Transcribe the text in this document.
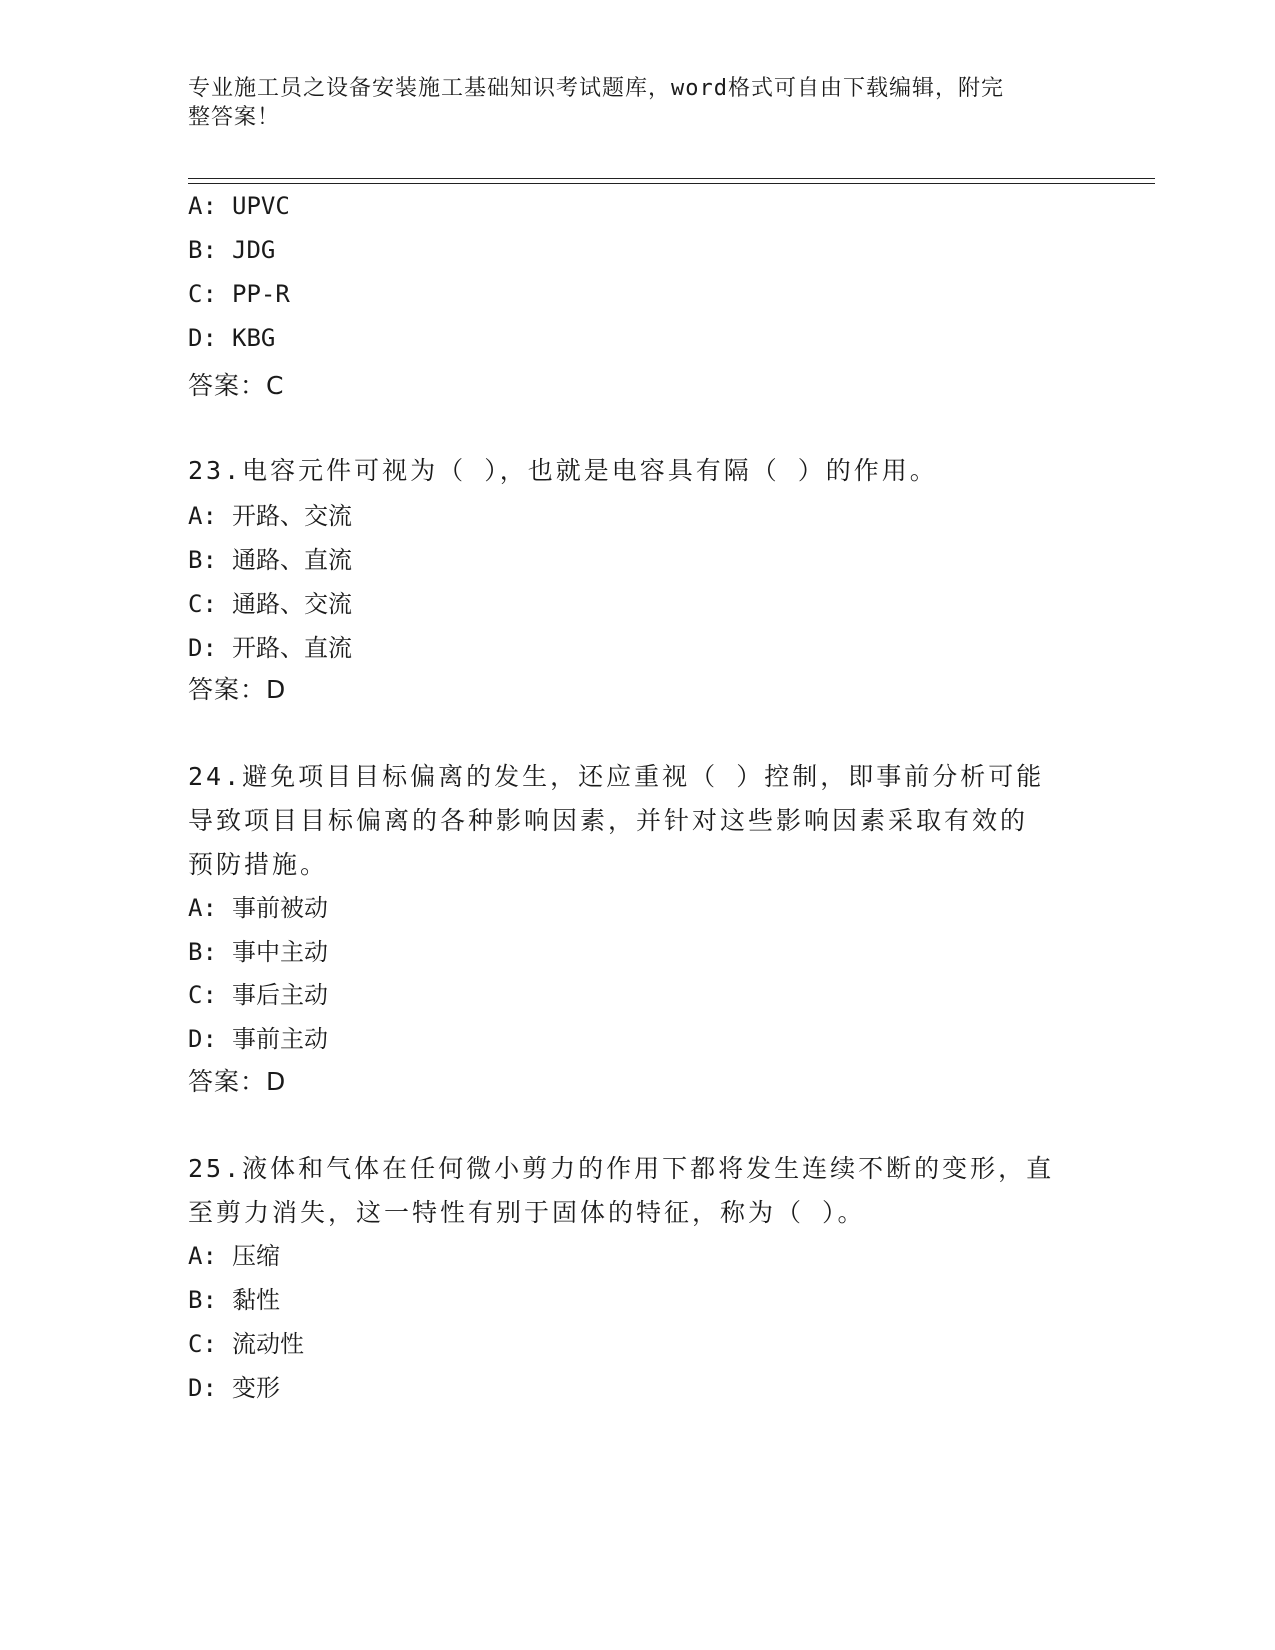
专业施工员之设备安装施工基础知识考试题库，word格式可自由下载编辑，附完
整答案！
A: UPVC
B: JDG
C: PP-R
D: KBG
答案：C
23.电容元件可视为（ ），也就是电容具有隔（ ）的作用。
A: 开路、交流
B: 通路、直流
C: 通路、交流
D: 开路、直流
答案：D
24.避免项目目标偏离的发生，还应重视（ ）控制，即事前分析可能
导致项目目标偏离的各种影响因素，并针对这些影响因素采取有效的
预防措施。
A: 事前被动
B: 事中主动
C: 事后主动
D: 事前主动
答案：D
25.液体和气体在任何微小剪力的作用下都将发生连续不断的变形，直
至剪力消失，这一特性有别于固体的特征，称为（ ）。
A: 压缩
B: 黏性
C: 流动性
D: 变形
